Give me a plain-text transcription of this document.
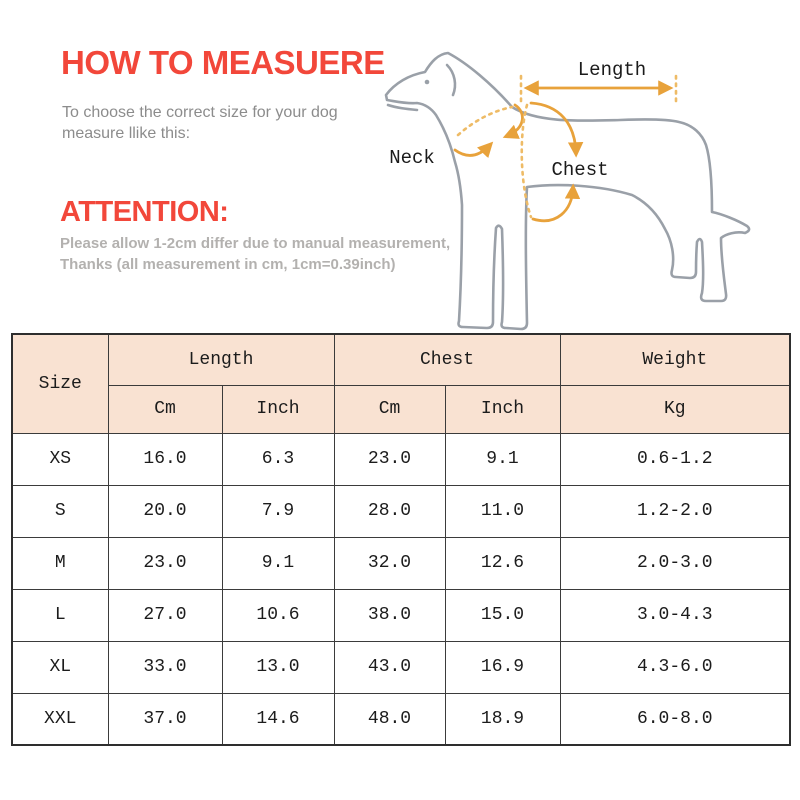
HOW TO MEASUERE
To choose the correct size for your dog
measure llike this:
ATTENTION:
Please allow 1-2cm differ due to manual measurement,
Thanks (all measurement in cm, 1cm=0.39inch)
Length
Neck
Chest
Size	Length		Chest		Weight
	Cm	Inch	Cm	Inch	Kg
XS	16.0	6.3	23.0	9.1	0.6-1.2
S	20.0	7.9	28.0	11.0	1.2-2.0
M	23.0	9.1	32.0	12.6	2.0-3.0
L	27.0	10.6	38.0	15.0	3.0-4.3
XL	33.0	13.0	43.0	16.9	4.3-6.0
XXL	37.0	14.6	48.0	18.9	6.0-8.0
